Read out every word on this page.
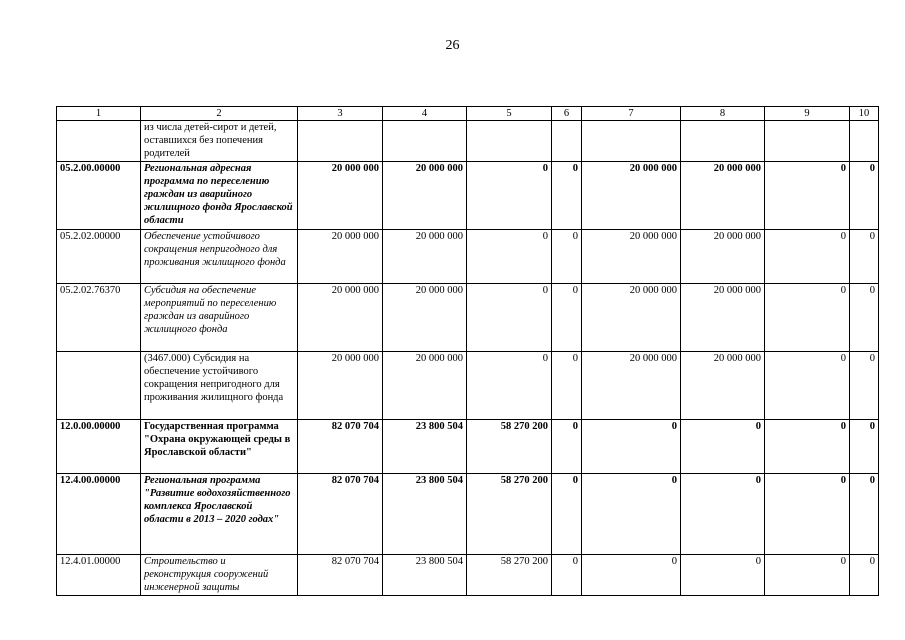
26
1	2	3	4	5	6	7	8	9	10
	из числа детей-сирот и детей, оставшихся без попечения родителей								
05.2.00.00000	Региональная адресная программа по переселению граждан из аварийного жилищного фонда Ярославской области	20 000 000	20 000 000	0	0	20 000 000	20 000 000	0	0
05.2.02.00000	Обеспечение устойчивого сокращения непригодного для проживания жилищного фонда	20 000 000	20 000 000	0	0	20 000 000	20 000 000	0	0
05.2.02.76370	Субсидия на обеспечение мероприятий по переселению граждан из аварийного жилищного фонда	20 000 000	20 000 000	0	0	20 000 000	20 000 000	0	0
	(3467.000) Субсидия на обеспечение устойчивого сокращения непригодного для проживания жилищного фонда	20 000 000	20 000 000	0	0	20 000 000	20 000 000	0	0
12.0.00.00000	Государственная программа "Охрана окружающей среды в Ярославской области"	82 070 704	23 800 504	58 270 200	0	0	0	0	0
12.4.00.00000	Региональная программа "Развитие водохозяйственного комплекса Ярославской области в 2013 – 2020 годах"	82 070 704	23 800 504	58 270 200	0	0	0	0	0
12.4.01.00000	Строительство и реконструкция сооружений инженерной защиты	82 070 704	23 800 504	58 270 200	0	0	0	0	0
